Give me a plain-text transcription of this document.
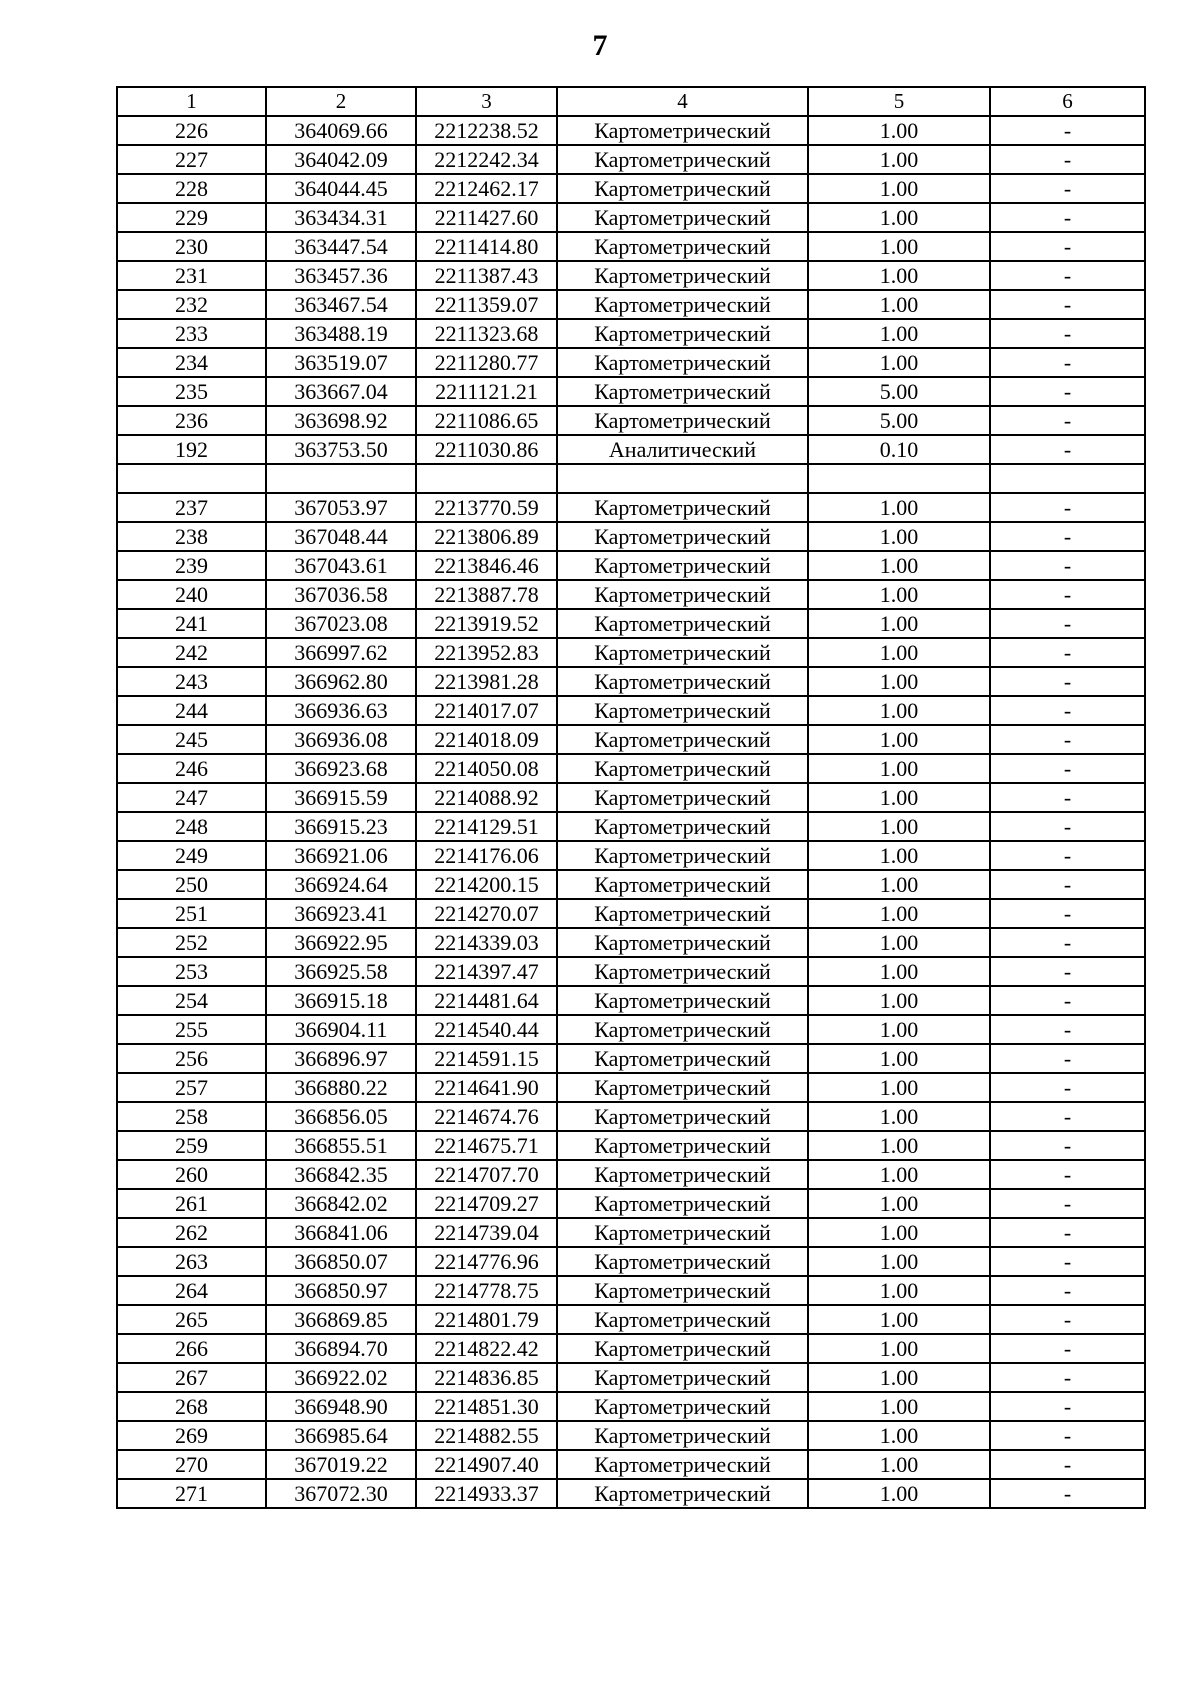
7
1	2	3	4	5	6
226	364069.66	2212238.52	Картометрический	1.00	-
227	364042.09	2212242.34	Картометрический	1.00	-
228	364044.45	2212462.17	Картометрический	1.00	-
229	363434.31	2211427.60	Картометрический	1.00	-
230	363447.54	2211414.80	Картометрический	1.00	-
231	363457.36	2211387.43	Картометрический	1.00	-
232	363467.54	2211359.07	Картометрический	1.00	-
233	363488.19	2211323.68	Картометрический	1.00	-
234	363519.07	2211280.77	Картометрический	1.00	-
235	363667.04	2211121.21	Картометрический	5.00	-
236	363698.92	2211086.65	Картометрический	5.00	-
192	363753.50	2211030.86	Аналитический	0.10	-

237	367053.97	2213770.59	Картометрический	1.00	-
238	367048.44	2213806.89	Картометрический	1.00	-
239	367043.61	2213846.46	Картометрический	1.00	-
240	367036.58	2213887.78	Картометрический	1.00	-
241	367023.08	2213919.52	Картометрический	1.00	-
242	366997.62	2213952.83	Картометрический	1.00	-
243	366962.80	2213981.28	Картометрический	1.00	-
244	366936.63	2214017.07	Картометрический	1.00	-
245	366936.08	2214018.09	Картометрический	1.00	-
246	366923.68	2214050.08	Картометрический	1.00	-
247	366915.59	2214088.92	Картометрический	1.00	-
248	366915.23	2214129.51	Картометрический	1.00	-
249	366921.06	2214176.06	Картометрический	1.00	-
250	366924.64	2214200.15	Картометрический	1.00	-
251	366923.41	2214270.07	Картометрический	1.00	-
252	366922.95	2214339.03	Картометрический	1.00	-
253	366925.58	2214397.47	Картометрический	1.00	-
254	366915.18	2214481.64	Картометрический	1.00	-
255	366904.11	2214540.44	Картометрический	1.00	-
256	366896.97	2214591.15	Картометрический	1.00	-
257	366880.22	2214641.90	Картометрический	1.00	-
258	366856.05	2214674.76	Картометрический	1.00	-
259	366855.51	2214675.71	Картометрический	1.00	-
260	366842.35	2214707.70	Картометрический	1.00	-
261	366842.02	2214709.27	Картометрический	1.00	-
262	366841.06	2214739.04	Картометрический	1.00	-
263	366850.07	2214776.96	Картометрический	1.00	-
264	366850.97	2214778.75	Картометрический	1.00	-
265	366869.85	2214801.79	Картометрический	1.00	-
266	366894.70	2214822.42	Картометрический	1.00	-
267	366922.02	2214836.85	Картометрический	1.00	-
268	366948.90	2214851.30	Картометрический	1.00	-
269	366985.64	2214882.55	Картометрический	1.00	-
270	367019.22	2214907.40	Картометрический	1.00	-
271	367072.30	2214933.37	Картометрический	1.00	-
